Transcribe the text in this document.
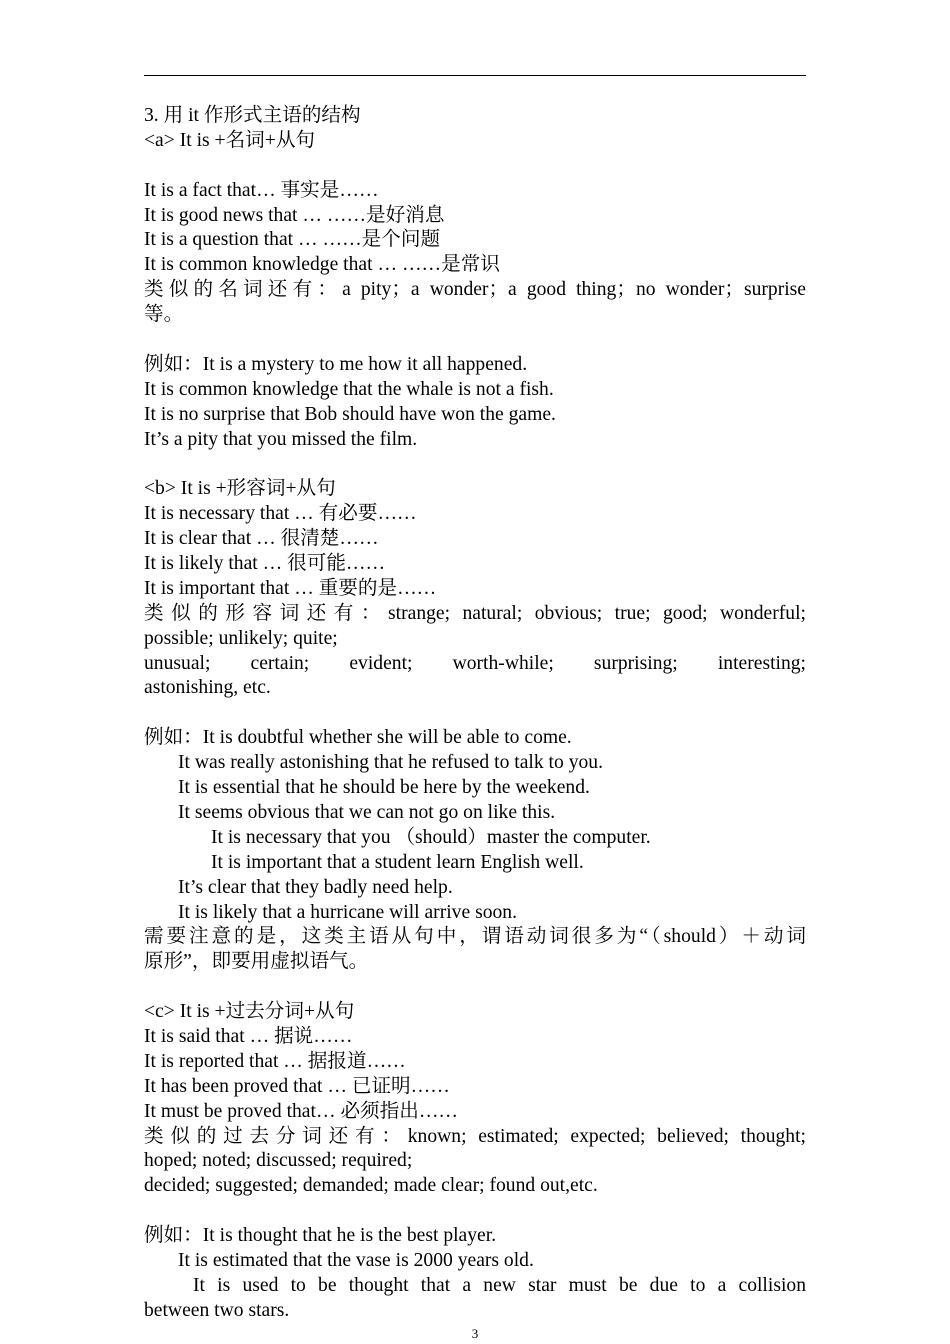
3. 用 it 作形式主语的结构
<a> It is +名词+从句
It is a fact that… 事实是……
It is good news that … ……是好消息
It is a question that … ……是个问题
It is common knowledge that … ……是常识
类似的名词还有：a pity；a wonder；a good thing；no wonder；surprise
等。
例如：It is a mystery to me how it all happened.
It is common knowledge that the whale is not a fish.
It is no surprise that Bob should have won the game.
It’s a pity that you missed the film.
<b> It is +形容词+从句
It is necessary that … 有必要……
It is clear that … 很清楚……
It is likely that … 很可能……
It is important that … 重要的是……
类似的形容词还有：strange; natural; obvious; true; good; wonderful;
possible; unlikely; quite;
unusual; certain; evident; worth-while; surprising; interesting;
astonishing, etc.
例如：It is doubtful whether she will be able to come.
It was really astonishing that he refused to talk to you.
It is essential that he should be here by the weekend.
It seems obvious that we can not go on like this.
It is necessary that you （should）master the computer.
It is important that a student learn English well.
It’s clear that they badly need help.
It is likely that a hurricane will arrive soon.
需要注意的是，这类主语从句中，谓语动词很多为“（should）＋动词
原形”，即要用虚拟语气。
<c> It is +过去分词+从句
It is said that … 据说……
It is reported that … 据报道……
It has been proved that … 已证明……
It must be proved that… 必须指出……
类似的过去分词还有：known; estimated; expected; believed; thought;
hoped; noted; discussed; required;
decided; suggested; demanded; made clear; found out,etc.
例如：It is thought that he is the best player.
It is estimated that the vase is 2000 years old.
It is used to be thought that a new star must be due to a collision
between two stars.
3
